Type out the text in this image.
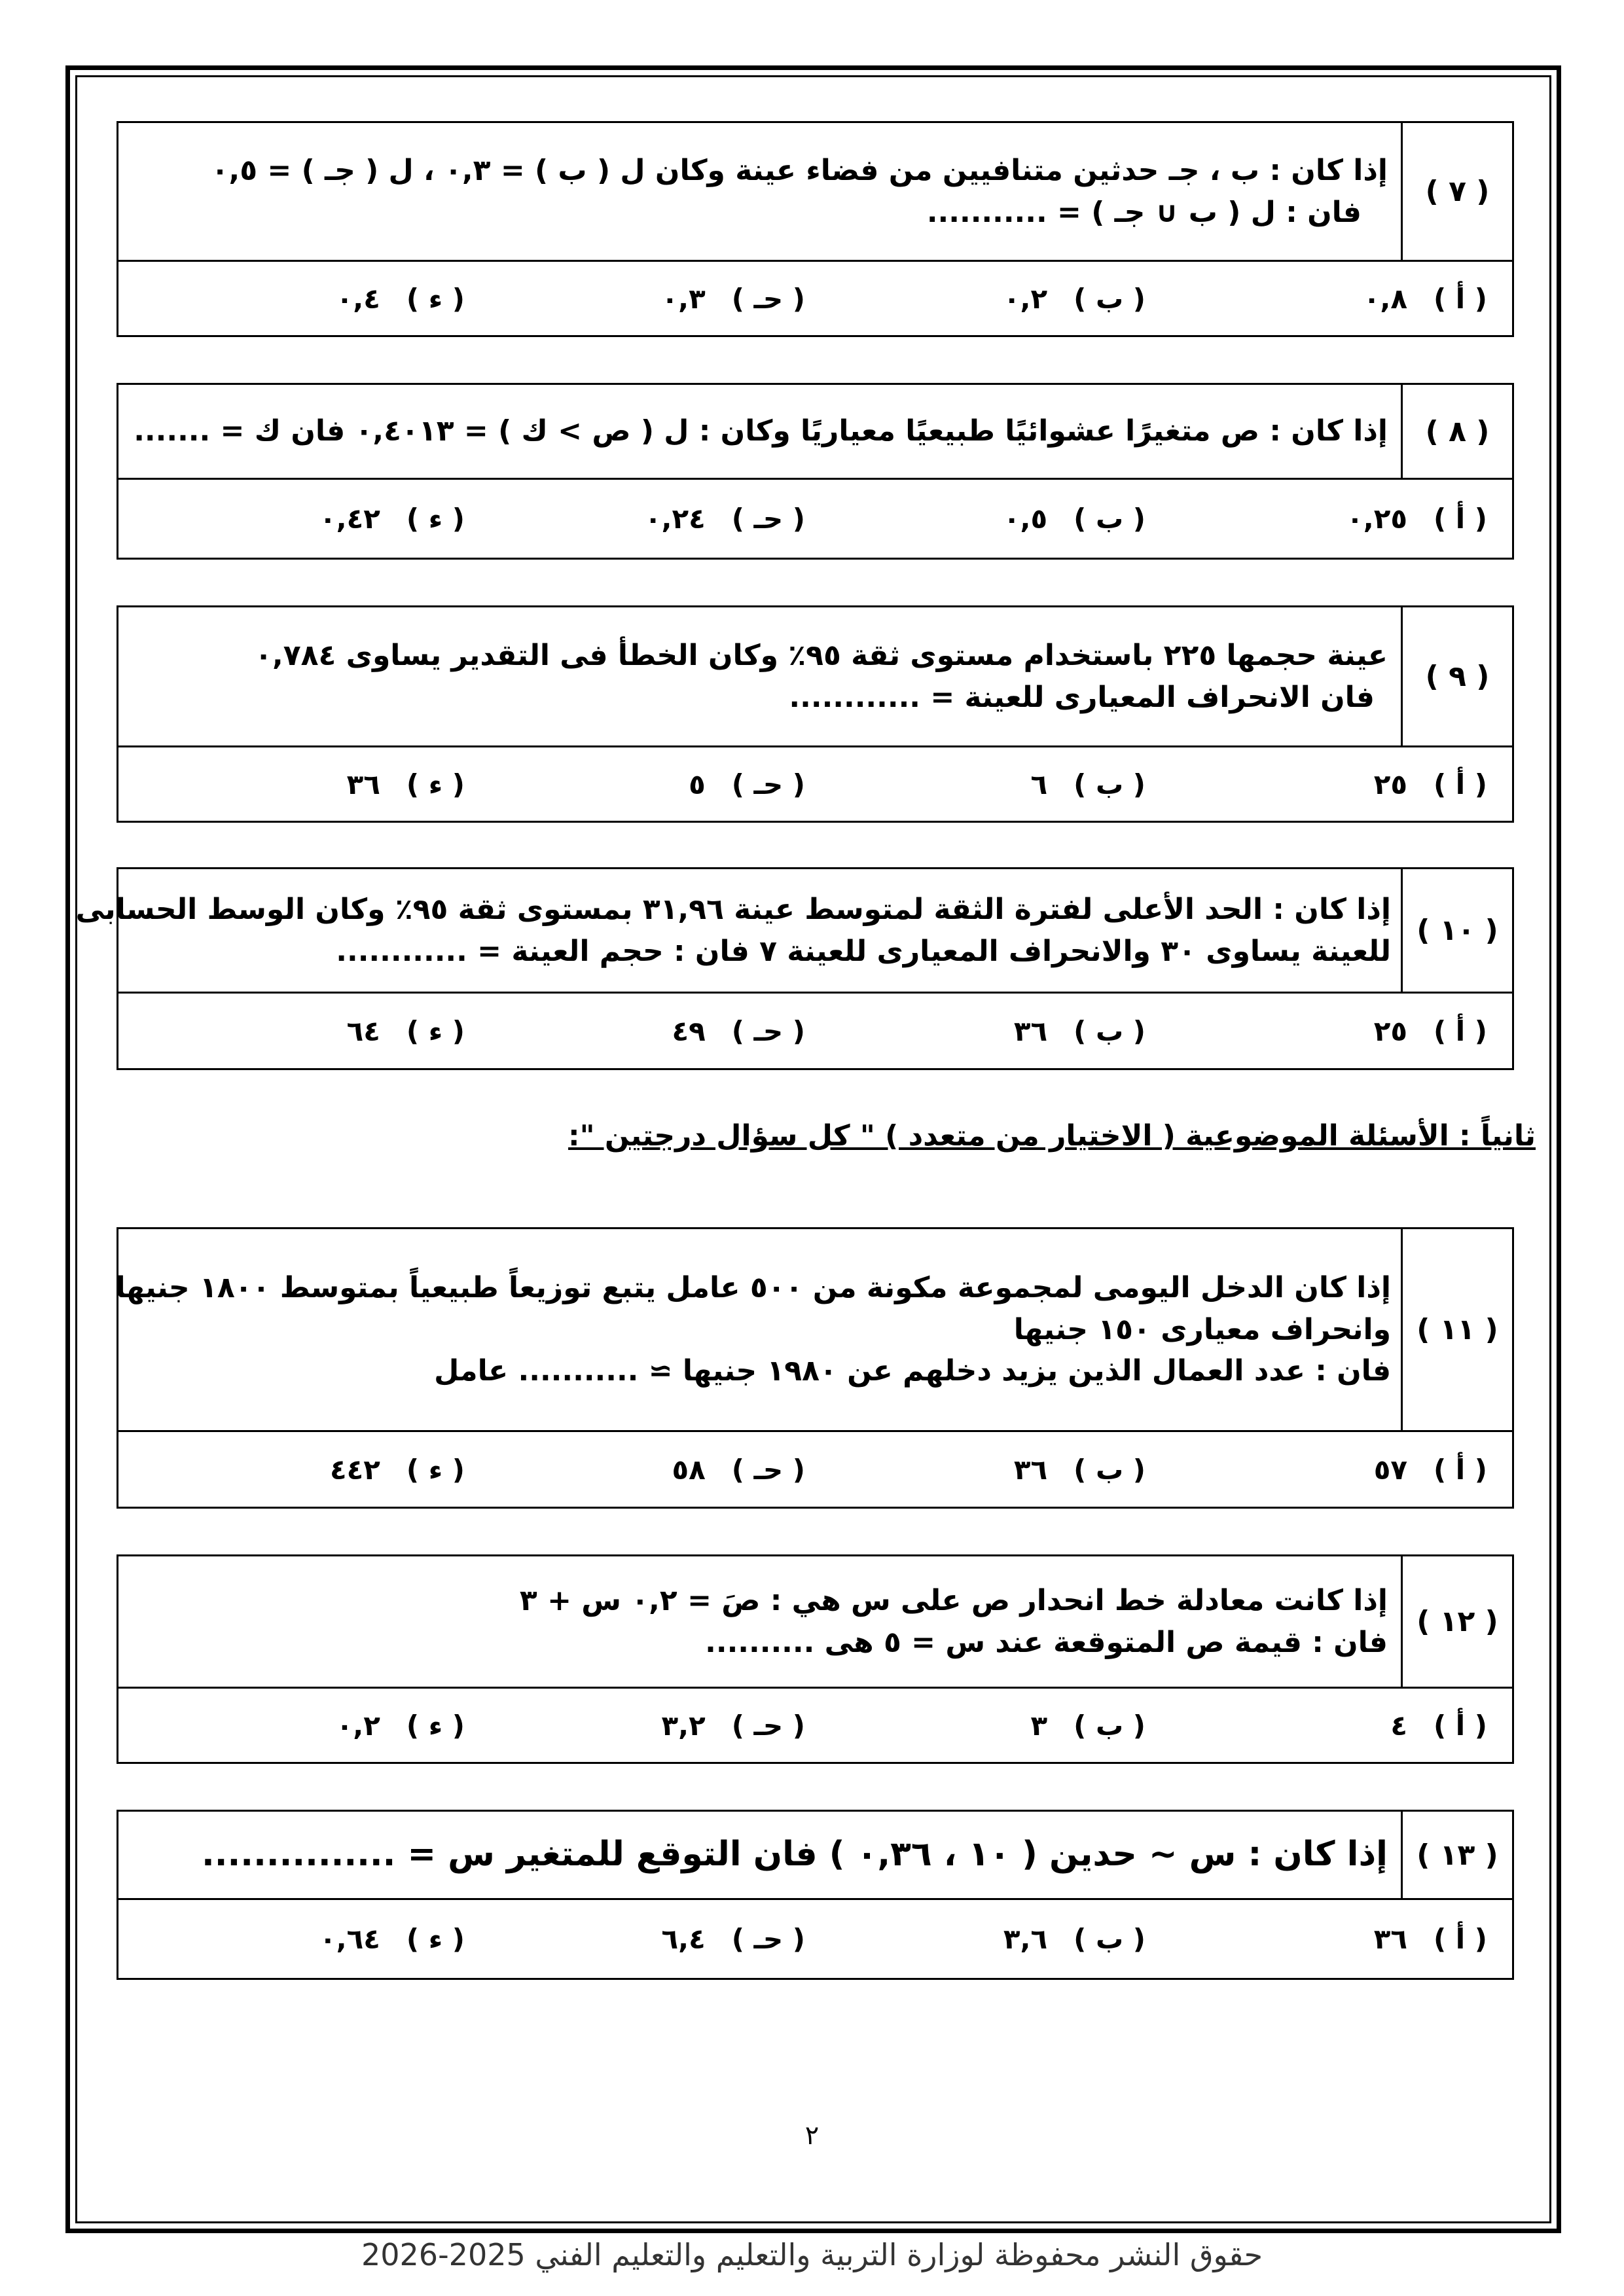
( ٧ )
إذا كان : ب ، جـ حدثين متنافيين من فضاء عينة وكان ل ( ب ) = ٠,٣ ، ل ( جـ ) = ٠,٥
فان : ل ( ب ∪ جـ ) = ...........
( أ )
٠,٨
( ب )
٠,٢
( حـ )
٠,٣
( ء )
٠,٤
( ٨ )
إذا كان : ص متغيرًا عشوائيًا طبيعيًا معياريًا وكان : ل ( ص > ك ) = ٠,٤٠١٣ فان ك = .......
( أ )
٠,٢٥
( ب )
٠,٥
( حـ )
٠,٢٤
( ء )
٠,٤٢
( ٩ )
عينة حجمها ٢٢٥ باستخدام مستوى ثقة ٩٥٪ وكان الخطأ فى التقدير يساوى ٠,٧٨٤
فان الانحراف المعيارى للعينة = ............
( أ )
٢٥
( ب )
٦
( حـ )
٥
( ء )
٣٦
( ١٠ )
إذا كان : الحد الأعلى لفترة الثقة لمتوسط عينة ٣١,٩٦ بمستوى ثقة ٩٥٪ وكان الوسط الحسابى
للعينة يساوى ٣٠ والانحراف المعيارى للعينة ٧ فان : حجم العينة = ............
( أ )
٢٥
( ب )
٣٦
( حـ )
٤٩
( ء )
٦٤
ثانياً : الأسئلة الموضوعية ( الاختيار من متعدد ) " كل سؤال درجتين ":
( ١١ )
إذا كان الدخل اليومى لمجموعة مكونة من ٥٠٠ عامل يتبع توزيعاً طبيعياً بمتوسط ١٨٠٠ جنيها
وانحراف معيارى ١٥٠ جنيها
فان : عدد العمال الذين يزيد دخلهم عن ١٩٨٠ جنيها ≃ ........... عامل
( أ )
٥٧
( ب )
٣٦
( حـ )
٥٨
( ء )
٤٤٢
( ١٢ )
إذا كانت معادلة خط انحدار ص على س هي : صَ = ٠,٢ س + ٣
فان : قيمة ص المتوقعة عند س = ٥ هى ..........
( أ )
٤
( ب )
٣
( حـ )
٣,٢
( ء )
٠,٢
( ١٣ )
إذا كان : س ~ حدين ( ١٠ ، ٠,٣٦ ) فان التوقع للمتغير س = ...............
( أ )
٣٦
( ب )
٣,٦
( حـ )
٦,٤
( ء )
٠,٦٤
٢
حقوق النشر محفوظة لوزارة التربية والتعليم والتعليم الفني 2025-2026
